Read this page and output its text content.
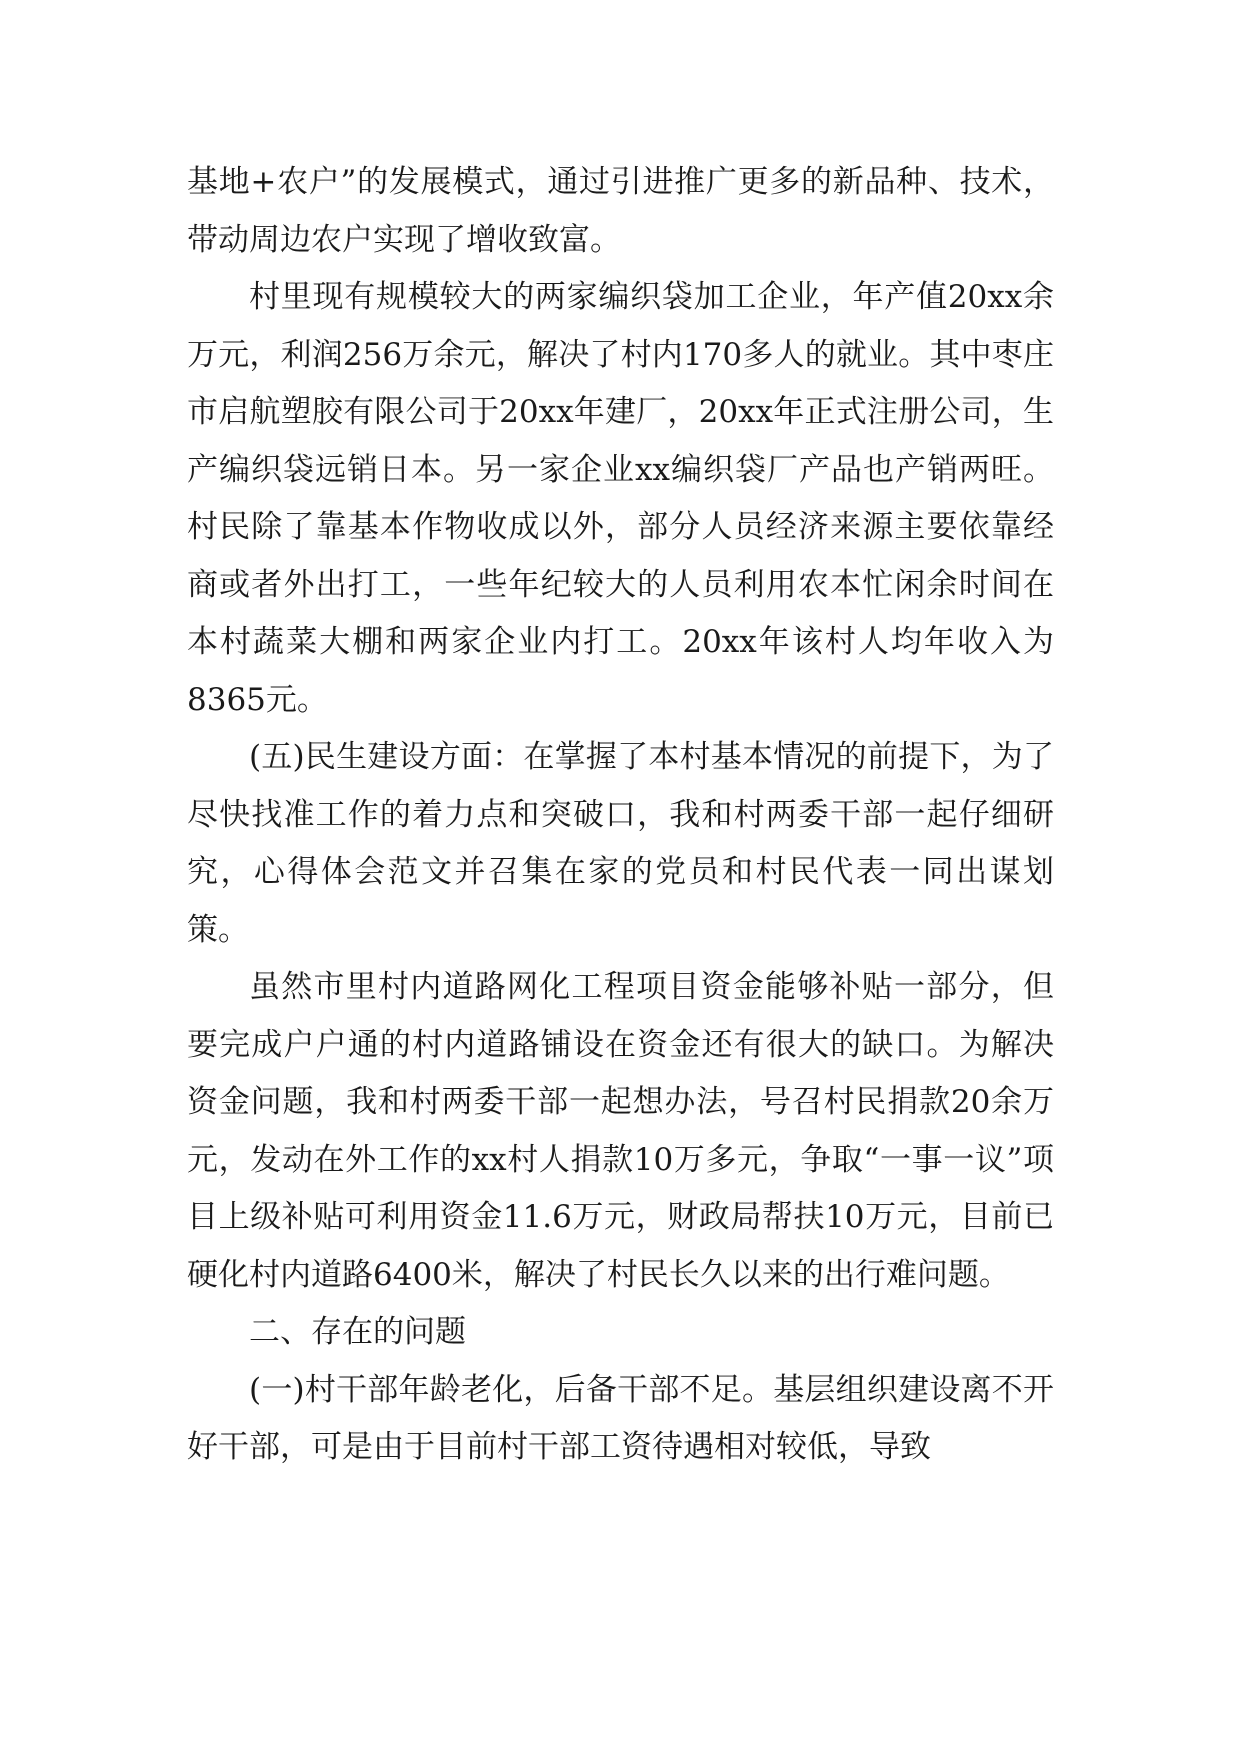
基地+农户”的发展模式，通过引进推广更多的新品种、技术，带动周边农户实现了增收致富。

村里现有规模较大的两家编织袋加工企业，年产值20xx余万元，利润256万余元，解决了村内170多人的就业。其中枣庄市启航塑胶有限公司于20xx年建厂，20xx年正式注册公司，生产编织袋远销日本。另一家企业xx编织袋厂产品也产销两旺。村民除了靠基本作物收成以外，部分人员经济来源主要依靠经商或者外出打工，一些年纪较大的人员利用农本忙闲余时间在本村蔬菜大棚和两家企业内打工。20xx年该村人均年收入为8365元。

(五)民生建设方面：在掌握了本村基本情况的前提下，为了尽快找准工作的着力点和突破口，我和村两委干部一起仔细研究，心得体会范文并召集在家的党员和村民代表一同出谋划策。

虽然市里村内道路网化工程项目资金能够补贴一部分，但要完成户户通的村内道路铺设在资金还有很大的缺口。为解决资金问题，我和村两委干部一起想办法，号召村民捐款20余万元，发动在外工作的xx村人捐款10万多元，争取“一事一议”项目上级补贴可利用资金11.6万元，财政局帮扶10万元，目前已硬化村内道路6400米，解决了村民长久以来的出行难问题。

二、存在的问题

(一)村干部年龄老化，后备干部不足。基层组织建设离不开好干部，可是由于目前村干部工资待遇相对较低，导致
